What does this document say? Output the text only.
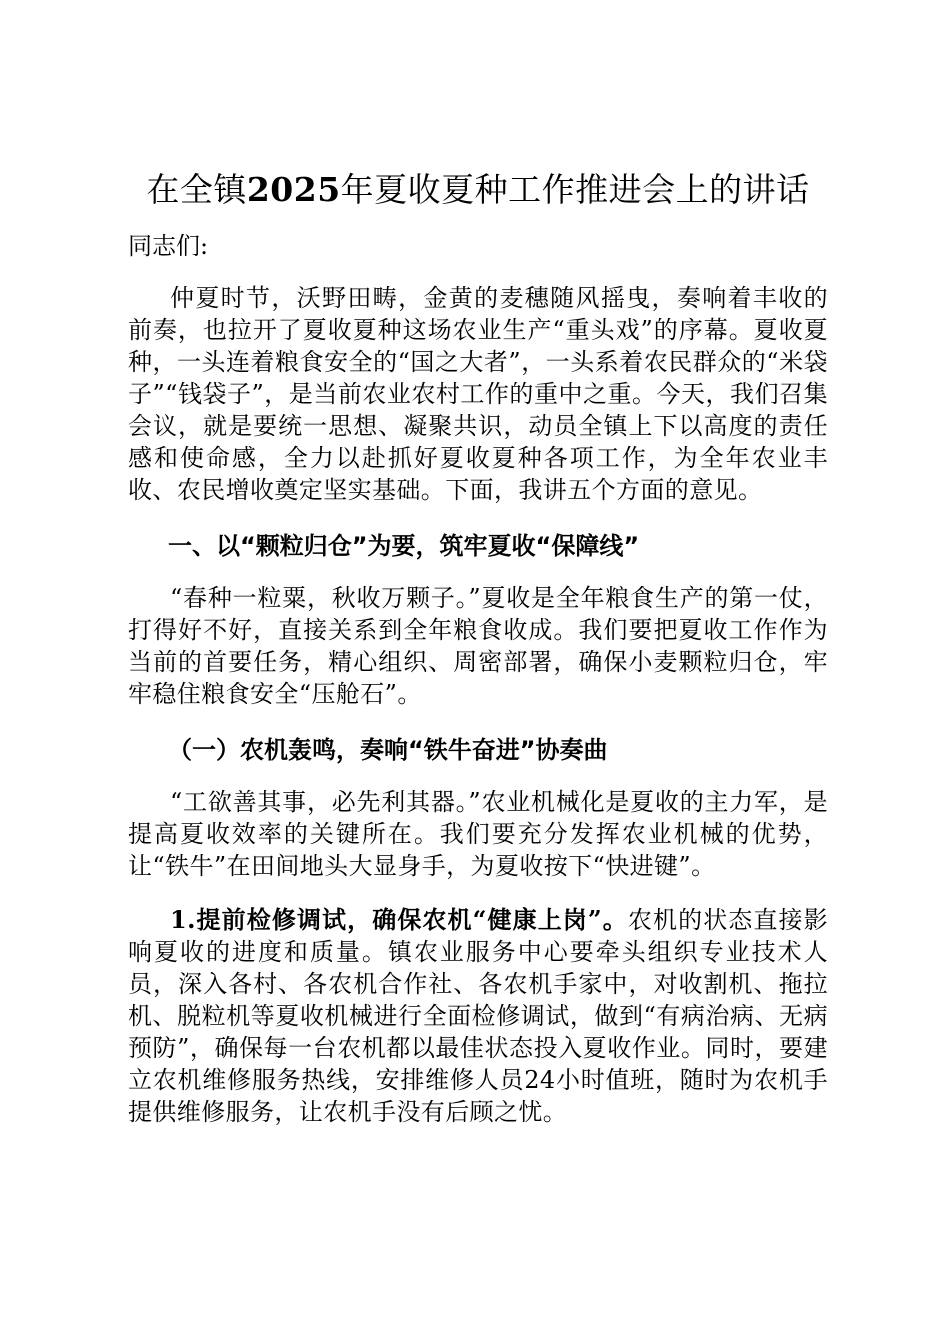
在全镇2025年夏收夏种工作推进会上的讲话
同志们:

仲夏时节，沃野田畴，金黄的麦穗随风摇曳，奏响着丰收的前奏，也拉开了夏收夏种这场农业生产“重头戏”的序幕。夏收夏种，一头连着粮食安全的“国之大者”，一头系着农民群众的“米袋子”“钱袋子”，是当前农业农村工作的重中之重。今天，我们召集会议，就是要统一思想、凝聚共识，动员全镇上下以高度的责任感和使命感，全力以赴抓好夏收夏种各项工作，为全年农业丰收、农民增收奠定坚实基础。下面，我讲五个方面的意见。

一、以“颗粒归仓”为要，筑牢夏收“保障线”

“春种一粒粟，秋收万颗子。”夏收是全年粮食生产的第一仗，打得好不好，直接关系到全年粮食收成。我们要把夏收工作作为当前的首要任务，精心组织、周密部署，确保小麦颗粒归仓，牢牢稳住粮食安全“压舱石”。

（一）农机轰鸣，奏响“铁牛奋进”协奏曲

“工欲善其事，必先利其器。”农业机械化是夏收的主力军，是提高夏收效率的关键所在。我们要充分发挥农业机械的优势，让“铁牛”在田间地头大显身手，为夏收按下“快进键”。

1.提前检修调试，确保农机“健康上岗”。农机的状态直接影响夏收的进度和质量。镇农业服务中心要牵头组织专业技术人员，深入各村、各农机合作社、各农机手家中，对收割机、拖拉机、脱粒机等夏收机械进行全面检修调试，做到“有病治病、无病预防”，确保每一台农机都以最佳状态投入夏收作业。同时，要建立农机维修服务热线，安排维修人员24小时值班，随时为农机手提供维修服务，让农机手没有后顾之忧。
